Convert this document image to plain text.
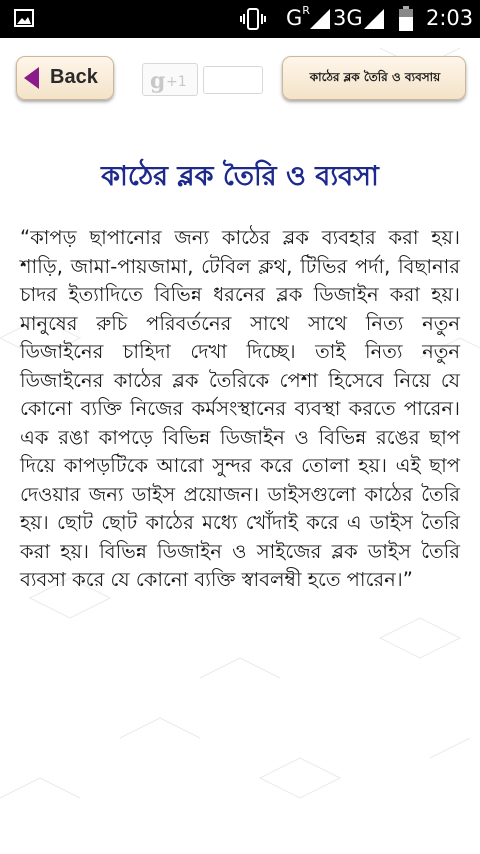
$G^R$ 3G	2:03
Back g +1	কাঠের ব্লক তৈরি ও ব্যবসায়
কাঠের ব্লক তৈরি ও ব্যবসা
“কাপড় ছাপানোর জন্য কাঠের ব্লক ব্যবহার করা হয়। শাড়ি, জামা-পায়জামা, টেবিল ক্লথ, টিভির পর্দা, বিছানার চাদর ইত্যাদিতে বিভিন্ন ধরনের ব্লক ডিজাইন করা হয়। মানুষের রুচি পরিবর্তনের সাথে সাথে নিত্য নতুন ডিজাইনের চাহিদা দেখা দিচ্ছে। তাই নিত্য নতুন ডিজাইনের কাঠের ব্লক তৈরিকে পেশা হিসেবে নিয়ে যে কোনো ব্যক্তি নিজের কর্মসংস্থানের ব্যবস্থা করতে পারেন। এক রঙা কাপড়ে বিভিন্ন ডিজাইন ও বিভিন্ন রঙের ছাপ দিয়ে কাপড়টিকে আরো সুন্দর করে তোলা হয়। এই ছাপ দেওয়ার জন্য ডাইস প্রয়োজন। ডাইসগুলো কাঠের তৈরি হয়। ছোট ছোট কাঠের মধ্যে খোঁদাই করে এ ডাইস তৈরি করা হয়। বিভিন্ন ডিজাইন ও সাইজের ব্লক ডাইস তৈরি ব্যবসা করে যে কোনো ব্যক্তি স্বাবলম্বী হতে পারেন।”
